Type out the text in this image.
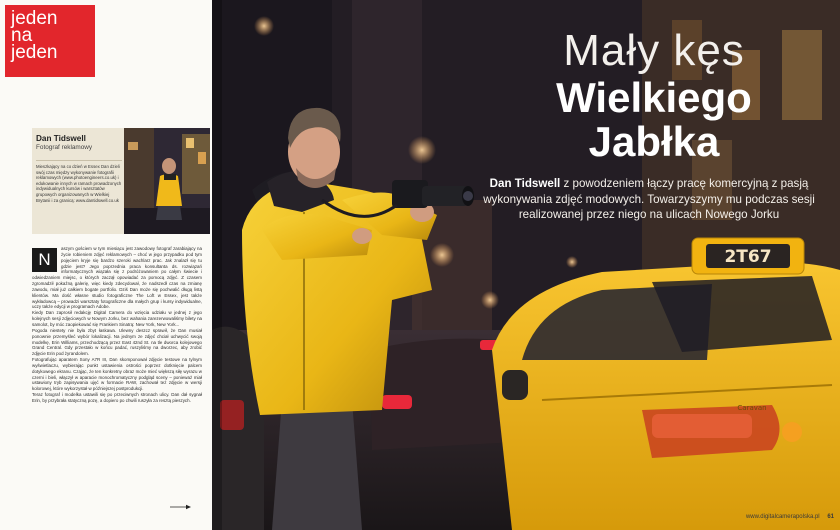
jeden
na
jeden
Dan Tidswell
Fotograf reklamowy
Mieszkający na co dzień w Essex Dan dzieli swój czas między wykonywanie fotografii reklamowych (www.photoengineers.co.uk) i edukowanie innych w ramach prowadzonych indywidualnych kursów i warsztatów grupowych organizowanych w Wielkiej Brytanii i za granicą: www.dantidswell.co.uk
N

aszym gościem w tym miesiącu jest zawodowy fotograf zarabiający na życie robieniem zdjęć reklamowych – choć w jego przypadku pod tym pojęciem kryje się bardzo szeroki wachlarz prac. Jak znalazł się tu gdzie jest? Jego poprzednia praca konsultanta ds. rozwiązań informatycznych wiązała się z podróżowaniem po całym świecie i odwiedzaniem miejsc, o których zaczął opowiadać za pomocą zdjęć. Z czasem zgromadził pokaźną galerię, więc kiedy zdecydował, że nadszedł czas na zmianę zawodu, miał już całkiem bogate portfolio. Dziś Dan może się pochwalić długą listą klientów. Ma dość własne studio fotograficzne The Loft w Essex, jest także wykładowcą – prowadzi warsztaty fotograficzne dla małych grup i kursy indywidualne, uczy także edycji w programach Adobe.

Kiedy Dan zaprosił redakcję Digital Camera do wzięcia udziału w jednej z jego kolejnych sesji zdjęciowych w Nowym Jorku, bez wahania zarezerwowaliśmy bilety na samolot, by móc zaopiekować się Frankiem Sinatrą: New York, New York...

Pogoda niestety nie była zbyt łaskawa. Ulewny deszcz sprawił, że Dan musiał ponownie przemyśleć wybór lokalizacji. Na jednym ze zdjęć chciał uchwycić swoją modelkę, Erin Williams, przechodzącą przez East 42nd St. na tle dworca kolejowego Grand Central. Gdy przestało w końcu padać, ruszyliśmy na dworzec, aby zrobić zdjęcie Erin pod żyrandolem.

Fotografując aparatem Sony A7R III, Dan skomponował zdjęcie testowe na tylnym wyświetlaczu, wybierając punkt ustawienia ostrości poprzez dotknięcie palcem dotykowego ekranu. Cząjąc, że ten konkretny obraz może mieć większą siłę wyrazu w czerni i bieli, włączył w aparacie monochromatyczny podgląd sceny – ponieważ miał ustawiony tryb zapisywania ujęć w formacie RAW, zachował też zdjęcie w wersji kolorowej, które wykorzystał w późniejszej postprodukcji.

Teraz fotograf i modelka ustawili się po przeciwnych stronach ulicy. Dan dał sygnał Erin, by przybrała statyczną pozę, a dopiero po chwili ruszyła za resztą pieszych.

2T67
Caravan
Mały kęs
Wielkiego
Jabłka
Dan Tidswell z powodzeniem łączy pracę komercyjną z pasją wykonywania zdjęć modowych. Towarzyszymy mu podczas sesji realizowanej przez niego na ulicach Nowego Jorku
www.digitalcamerapolska.pl 61
